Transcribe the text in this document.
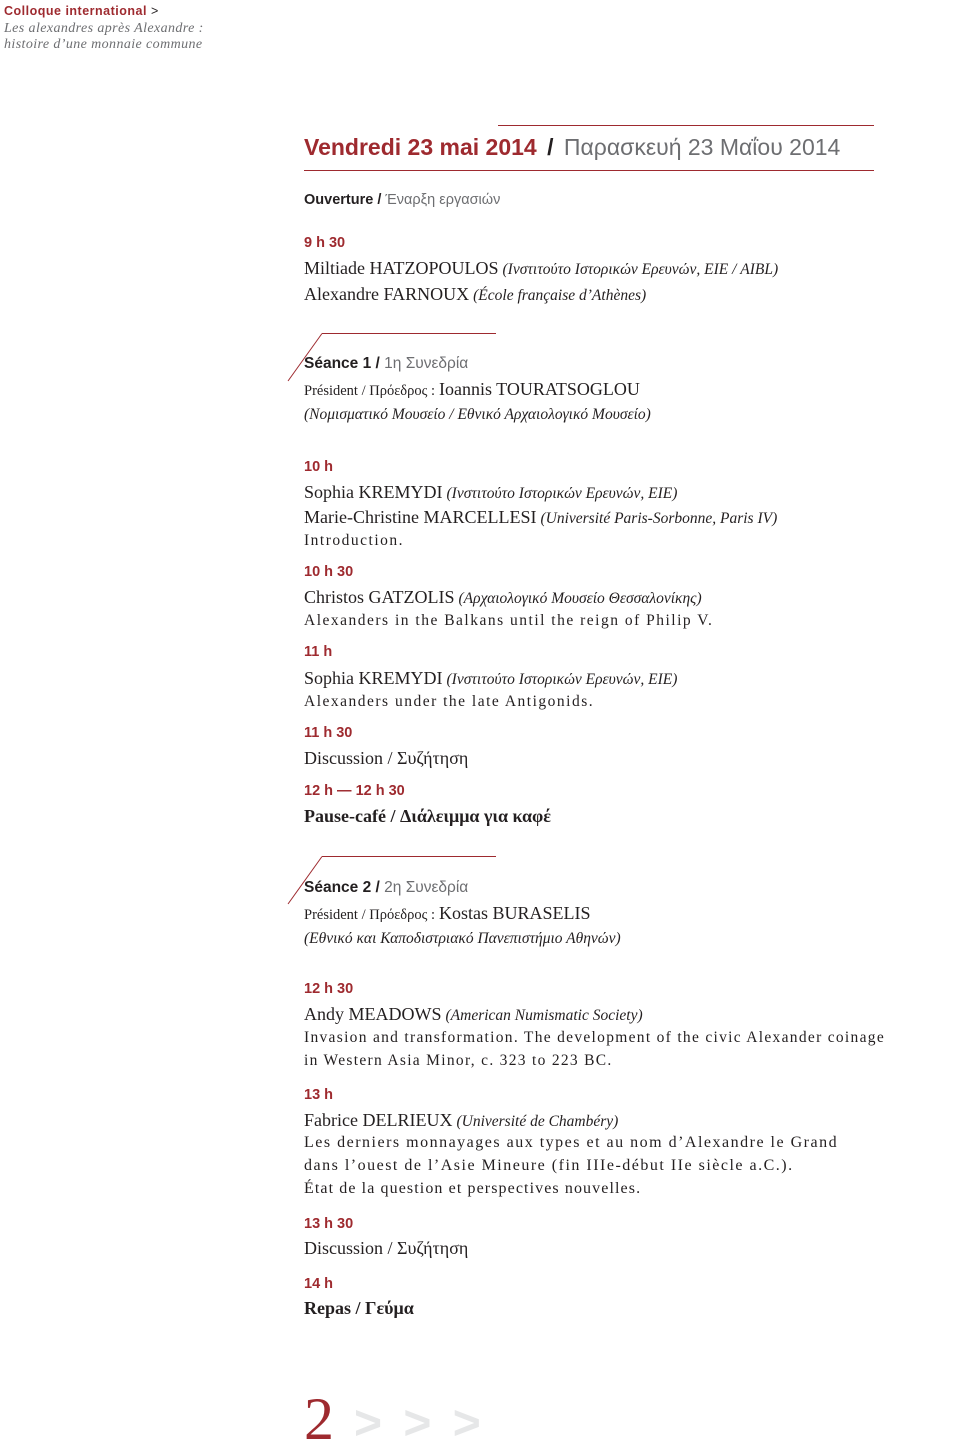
Colloque international >
Les alexandres après Alexandre :
histoire d’une monnaie commune
Vendredi 23 mai 2014 / Παρασκευή 23 Μαΐου 2014
Ouverture / Έναρξη εργασιών
9 h 30
Miltiade HATZOPOULOS (Ινστιτούτο Ιστορικών Ερευνών, ΕΙΕ / AIBL)
Alexandre FARNOUX (École française d’Athènes)
Séance 1 / 1η Συνεδρία
Président / Πρόεδρος : Ioannis TOURATSOGLOU
(Νομισματικό Μουσείο / Εθνικό Αρχαιολογικό Μουσείο)
10 h
Sophia KREMYDI (Ινστιτούτο Ιστορικών Ερευνών, ΕΙΕ)
Marie-Christine MARCELLESI (Université Paris-Sorbonne, Paris IV)
Introduction.
10 h 30
Christos GATZOLIS (Αρχαιολογικό Μουσείο Θεσσαλονίκης)
Alexanders in the Balkans until the reign of Philip V.
11 h
Sophia KREMYDI (Ινστιτούτο Ιστορικών Ερευνών, ΕΙΕ)
Alexanders under the late Antigonids.
11 h 30
Discussion / Συζήτηση
12 h — 12 h 30
Pause-café / Διάλειμμα για καφέ
Séance 2 / 2η Συνεδρία
Président / Πρόεδρος : Kostas BURASELIS
(Εθνικό και Καποδιστριακό Πανεπιστήμιο Αθηνών)
12 h 30
Andy MEADOWS (American Numismatic Society)
Invasion and transformation. The development of the civic Alexander coinage
in Western Asia Minor, c. 323 to 223 BC.
13 h
Fabrice DELRIEUX (Université de Chambéry)
Les derniers monnayages aux types et au nom d’Alexandre le Grand
dans l’ouest de l’Asie Mineure (fin IIIe-début IIe siècle a.C.).
État de la question et perspectives nouvelles.
13 h 30
Discussion / Συζήτηση
14 h
Repas / Γεύμα
2 > > >
